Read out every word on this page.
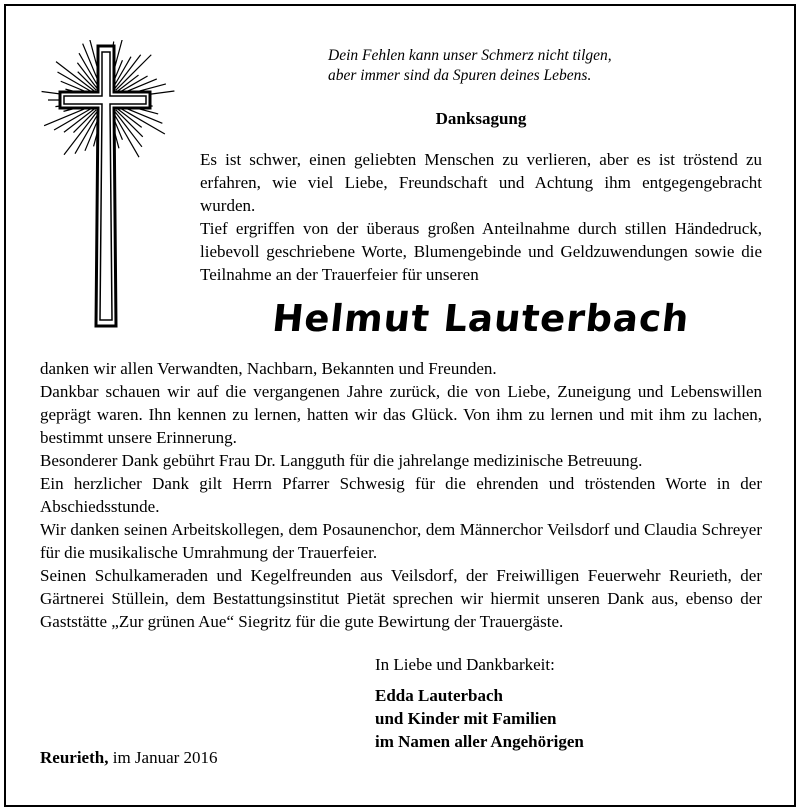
Dein Fehlen kann unser Schmerz nicht tilgen,
aber immer sind da Spuren deines Lebens.
Danksagung

Es ist schwer, einen geliebten Menschen zu verlieren, aber es ist tröstend zu erfahren, wie viel Liebe, Freundschaft und Achtung ihm entgegengebracht wurden.

Tief ergriffen von der überaus großen Anteilnahme durch stillen Händedruck, liebevoll geschriebene Worte, Blumengebinde und Geldzuwendungen sowie die Teilnahme an der Trauerfeier für unseren

Helmut Lauterbach

danken wir allen Verwandten, Nachbarn, Bekannten und Freunden.

Dankbar schauen wir auf die vergangenen Jahre zurück, die von Liebe, Zuneigung und Lebenswillen geprägt waren. Ihn kennen zu lernen, hatten wir das Glück. Von ihm zu lernen und mit ihm zu lachen, bestimmt unsere Erinnerung.

Besonderer Dank gebührt Frau Dr. Langguth für die jahrelange medizinische Betreuung.

Ein herzlicher Dank gilt Herrn Pfarrer Schwesig für die ehrenden und tröstenden Worte in der Abschiedsstunde.

Wir danken seinen Arbeitskollegen, dem Posaunenchor, dem Männerchor Veilsdorf und Claudia Schreyer für die musikalische Umrahmung der Trauerfeier.

Seinen Schulkameraden und Kegelfreunden aus Veilsdorf, der Freiwilligen Feuerwehr Reurieth, der Gärtnerei Stüllein, dem Bestattungsinstitut Pietät sprechen wir hiermit unseren Dank aus, ebenso der Gaststätte „Zur grünen Aue“ Siegritz für die gute Bewirtung der Trauergäste.

In Liebe und Dankbarkeit:
Edda Lauterbach
und Kinder mit Familien
im Namen aller Angehörigen
Reurieth, im Januar 2016
